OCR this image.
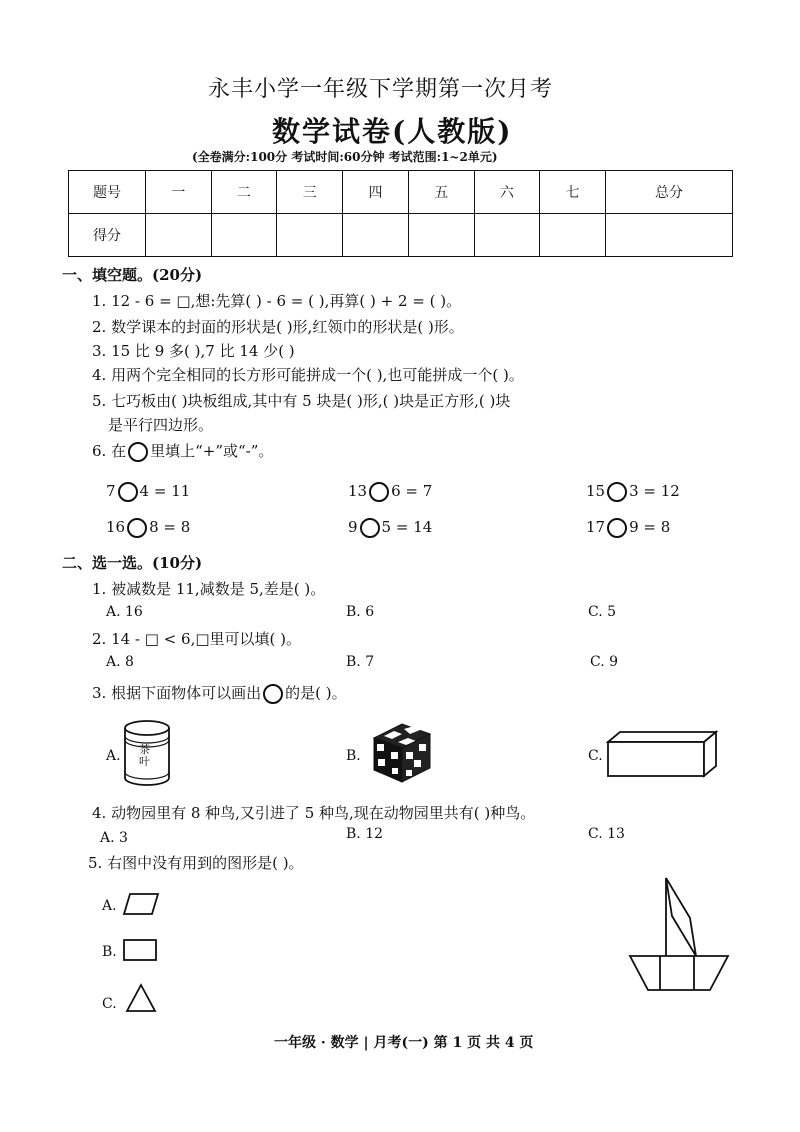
永丰小学一年级下学期第一次月考
数学试卷(人教版)
(全卷满分:100分 考试时间:60分钟 考试范围:1~2单元)
题号	一	二	三	四	五	六	七	总分
得分								
一、填空题。(20分)
1. 12 - 6 = □,想:先算( ) - 6 = ( ),再算( ) + 2 = ( )。
2. 数学课本的封面的形状是( )形,红领巾的形状是( )形。
3. 15 比 9 多( ),7 比 14 少( )
4. 用两个完全相同的长方形可能拼成一个( ),也可能拼成一个( )。
5. 七巧板由( )块板组成,其中有 5 块是( )形,( )块是正方形,( )块
是平行四边形。
6. 在 里填上“+”或“-”。
7 4 = 11	13 6 = 7	15 3 = 12
16 8 = 8	9 5 = 14	17 9 = 8
二、选一选。(10分)
1. 被减数是 11,减数是 5,差是( )。
A. 16	B. 6	C. 5
2. 14 - □ < 6,□里可以填( )。
A. 8	B. 7	C. 9
3. 根据下面物体可以画出 的是( )。
A. 茶叶	B.	C.
4. 动物园里有 8 种鸟,又引进了 5 种鸟,现在动物园里共有( )种鸟。
A. 3	B. 12	C. 13
5. 右图中没有用到的图形是( )。
A.
B.
C.
一年级 · 数学 | 月考(一) 第 1 页 共 4 页
